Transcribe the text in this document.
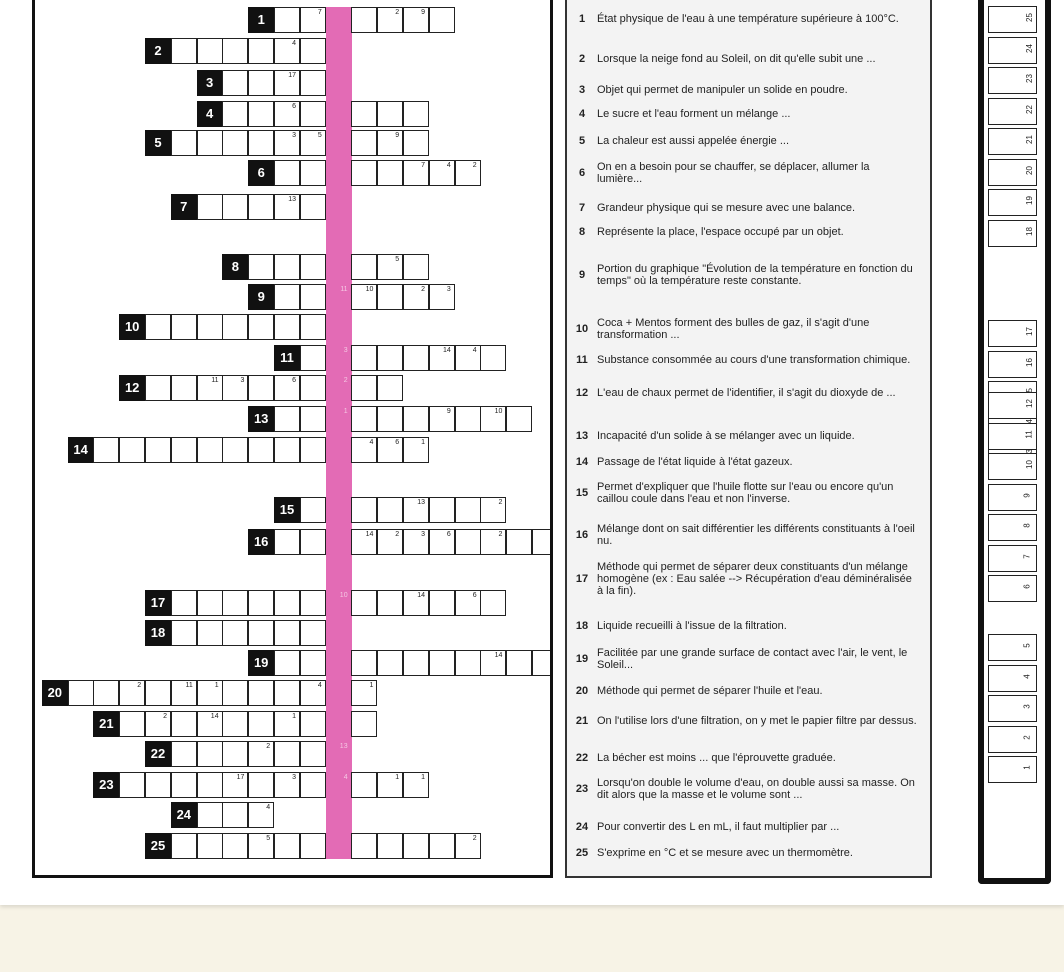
1	7	2	9
2	4
3	17
4	6
5	3	5	9
6	7	4	2
7	13
8	5
9	11	10	2	3
10
11	3	14	4
12	11	3	6	2
13	1	9	10
14	4	6	1
15	13	2
16	14	2	3	6	2
17	10	14	6
18
19	14
20	2	11	1	4	1
21	2	14	1
22	2	13
23	17	3	4	1	1
24	4
25	5	2
1	État physique de l'eau à une température supérieure à 100°C.
2	Lorsque la neige fond au Soleil, on dit qu'elle subit une ...
3	Objet qui permet de manipuler un solide en poudre.
4	Le sucre et l'eau forment un mélange ...
5	La chaleur est aussi appelée énergie ...
6	On en a besoin pour se chauffer, se déplacer, allumer la lumière...
7	Grandeur physique qui se mesure avec une balance.
8	Représente la place, l'espace occupé par un objet.
9	Portion du graphique "Évolution de la température en fonction du temps" où la température reste constante.
10 Coca + Mentos forment des bulles de gaz, il s'agit d'une transformation ...
11 Substance consommée au cours d'une transformation chimique.
12 L'eau de chaux permet de l'identifier, il s'agit du dioxyde de ...
13 Incapacité d'un solide à se mélanger avec un liquide.
14 Passage de l'état liquide à l'état gazeux.
15 Permet d'expliquer que l'huile flotte sur l'eau ou encore qu'un caillou coule dans l'eau et non l'inverse.
16 Mélange dont on sait différentier les différents constituants à l'oeil nu.
17
Méthode qui permet de séparer deux constituants d'un mélange homogène (ex : Eau salée --> Récupération d'eau déminéralisée à la fin).
18 Liquide recueilli à l'issue de la filtration.
19 Facilitée par une grande surface de contact avec l'air, le vent, le Soleil...
20 Méthode qui permet de séparer l'huile et l'eau.
21 On l'utilise lors d'une filtration, on y met le papier filtre par dessus.
22 La bécher est moins ... que l'éprouvette graduée.
23 Lorsqu'on double le volume d'eau, on double aussi sa masse. On dit alors que la masse et le volume sont ...
24 Pour convertir des L en mL, il faut multiplier par ...
25 S'exprime en °C et se mesure avec un thermomètre.
25
24
23
22
21
20
19
18
17
16
12
11
10
9
8
7
6
5
4
3
2
1
